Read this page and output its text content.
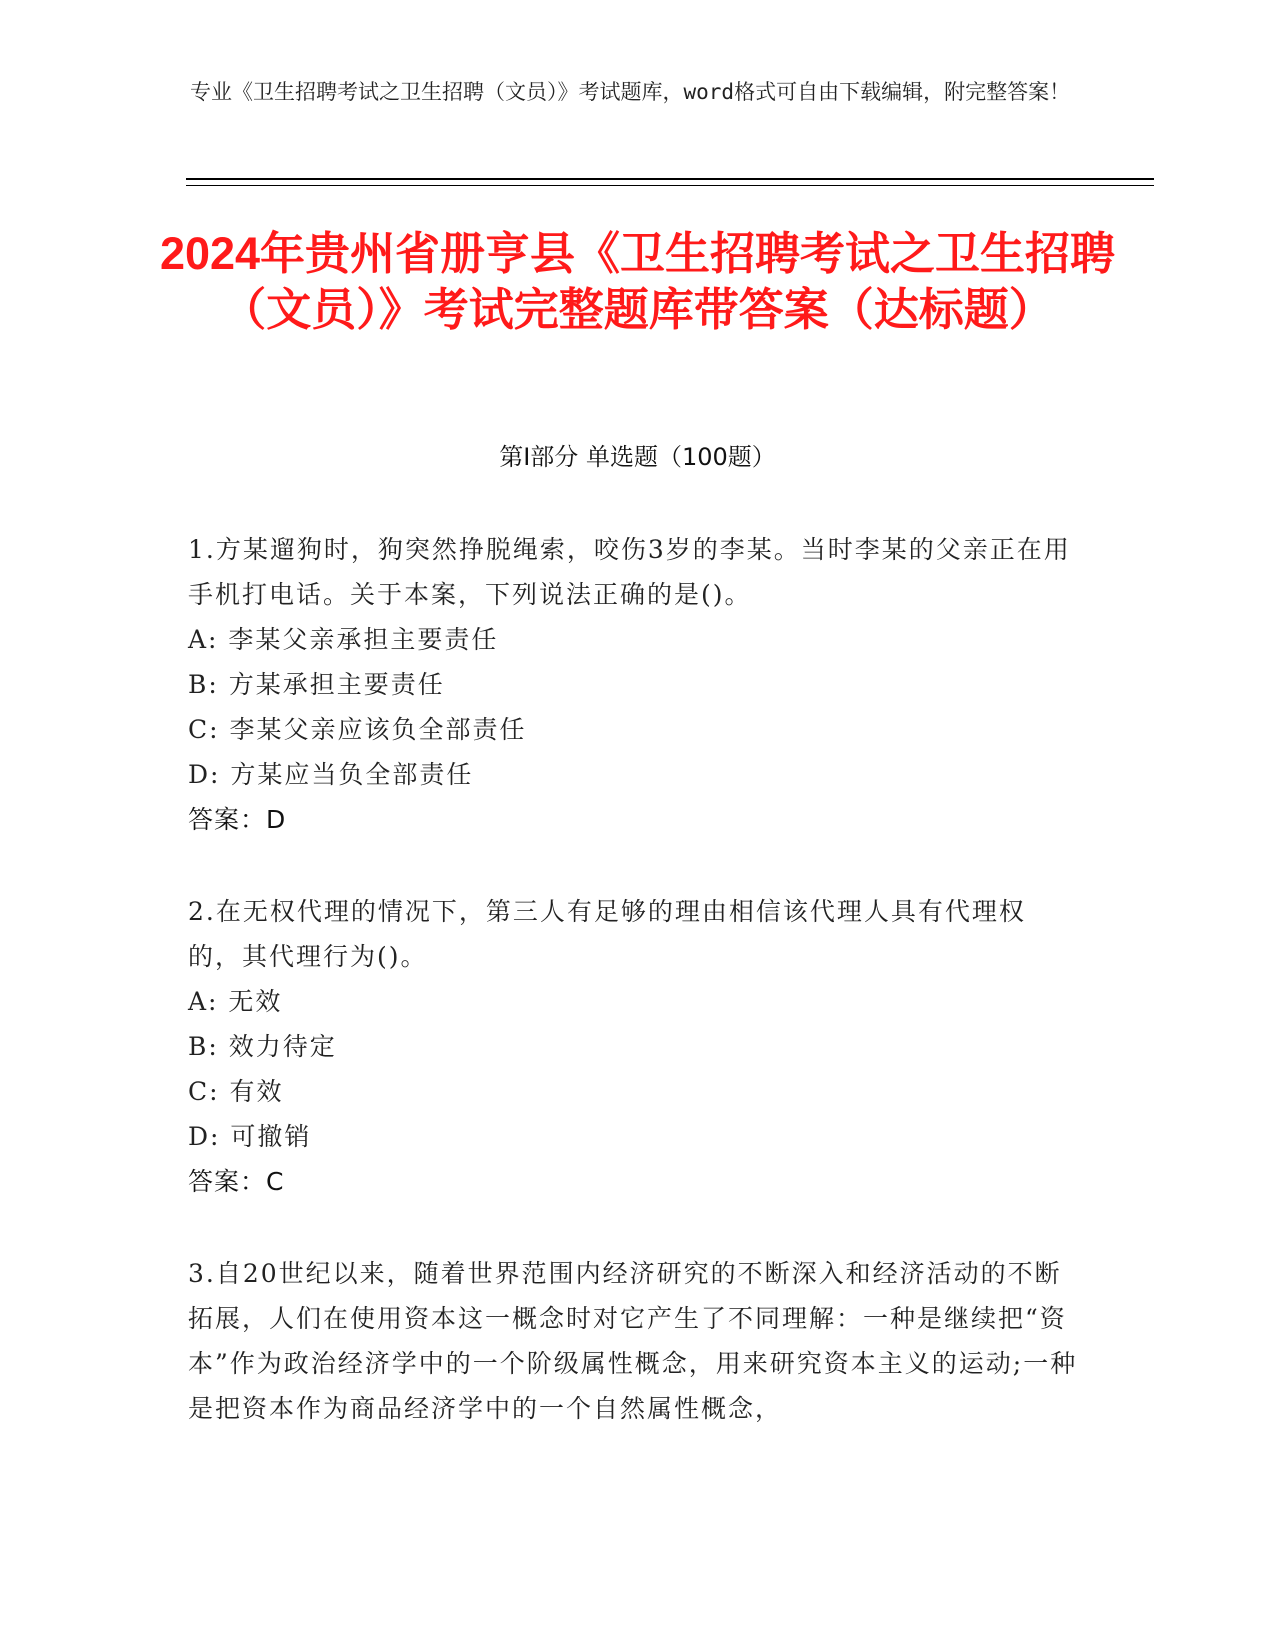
专业《卫生招聘考试之卫生招聘（文员）》考试题库，word格式可自由下载编辑，附完整答案！
2024年贵州省册亨县《卫生招聘考试之卫生招聘（文员）》考试完整题库带答案（达标题）
第I部分 单选题（100题）
1.方某遛狗时，狗突然挣脱绳索，咬伤3岁的李某。当时李某的父亲正在用手机打电话。关于本案，下列说法正确的是()。
A: 李某父亲承担主要责任
B: 方某承担主要责任
C: 李某父亲应该负全部责任
D: 方某应当负全部责任
答案：D
2.在无权代理的情况下，第三人有足够的理由相信该代理人具有代理权的，其代理行为()。
A: 无效
B: 效力待定
C: 有效
D: 可撤销
答案：C
3.自20世纪以来，随着世界范围内经济研究的不断深入和经济活动的不断拓展，人们在使用资本这一概念时对它产生了不同理解：一种是继续把“资本”作为政治经济学中的一个阶级属性概念，用来研究资本主义的运动;一种是把资本作为商品经济学中的一个自然属性概念，
